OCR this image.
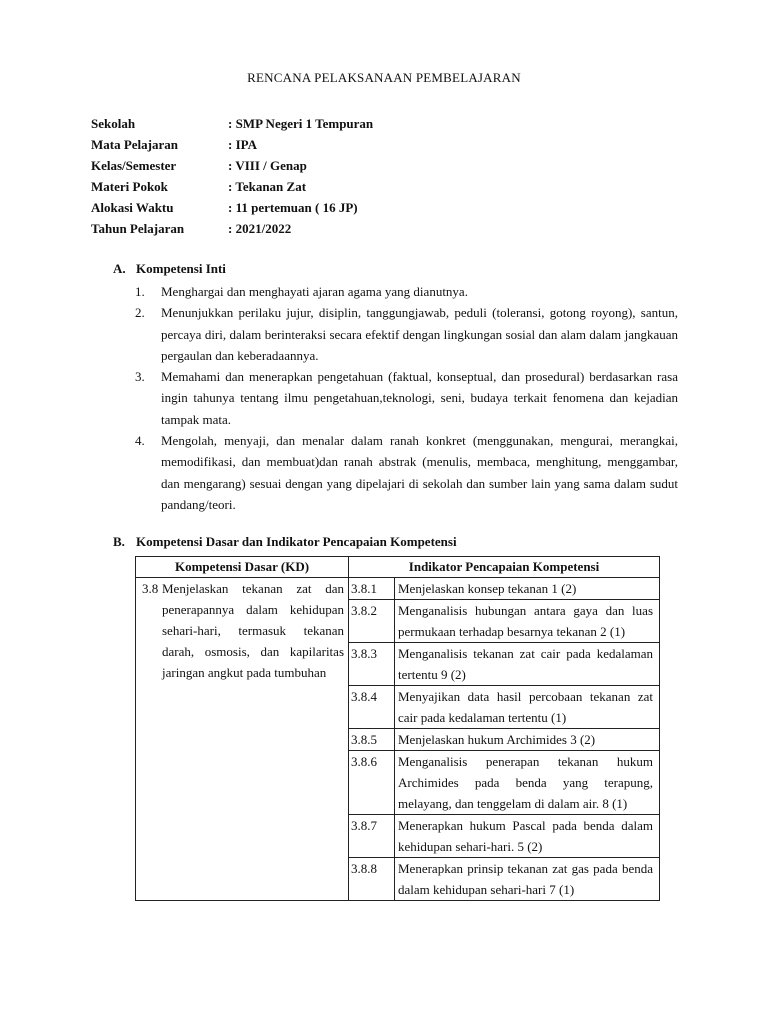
RENCANA PELAKSANAAN PEMBELAJARAN
Sekolah	: SMP Negeri 1 Tempuran
Mata Pelajaran	: IPA
Kelas/Semester	: VIII / Genap
Materi Pokok	: Tekanan Zat
Alokasi Waktu	: 11 pertemuan ( 16 JP)
Tahun Pelajaran	: 2021/2022
A. Kompetensi Inti
1. Menghargai dan menghayati ajaran agama yang dianutnya.
2. Menunjukkan perilaku jujur, disiplin, tanggungjawab, peduli (toleransi, gotong royong), santun, percaya diri, dalam berinteraksi secara efektif dengan lingkungan sosial dan alam dalam jangkauan pergaulan dan keberadaannya.
3. Memahami dan menerapkan pengetahuan (faktual, konseptual, dan prosedural) berdasarkan rasa ingin tahunya tentang ilmu pengetahuan,teknologi, seni, budaya terkait fenomena dan kejadian tampak mata.
4. Mengolah, menyaji, dan menalar dalam ranah konkret (menggunakan, mengurai, merangkai, memodifikasi, dan membuat)dan ranah abstrak (menulis, membaca, menghitung, menggambar, dan mengarang) sesuai dengan yang dipelajari di sekolah dan sumber lain yang sama dalam sudut pandang/teori.
B. Kompetensi Dasar dan Indikator Pencapaian Kompetensi
Kompetensi Dasar (KD)	Indikator Pencapaian Kompetensi	

3.8 Menjelaskan tekanan zat dan penerapannya dalam kehidupan sehari-hari, termasuk tekanan darah, osmosis, dan kapilaritas jaringan angkut pada tumbuhan	3.8.1	Menjelaskan konsep tekanan 1 (2)
	3.8.2	Menganalisis hubungan antara gaya dan luas permukaan terhadap besarnya tekanan 2 (1)
	3.8.3	Menganalisis tekanan zat cair pada kedalaman tertentu 9 (2)
	3.8.4	Menyajikan data hasil percobaan tekanan zat cair pada kedalaman tertentu (1)
	3.8.5	Menjelaskan hukum Archimides 3 (2)
	3.8.6	Menganalisis penerapan tekanan hukum Archimides pada benda yang terapung, melayang, dan tenggelam di dalam air. 8 (1)
	3.8.7	Menerapkan hukum Pascal pada benda dalam kehidupan sehari-hari. 5 (2)
	3.8.8	Menerapkan prinsip tekanan zat gas pada benda dalam kehidupan sehari-hari 7 (1)
